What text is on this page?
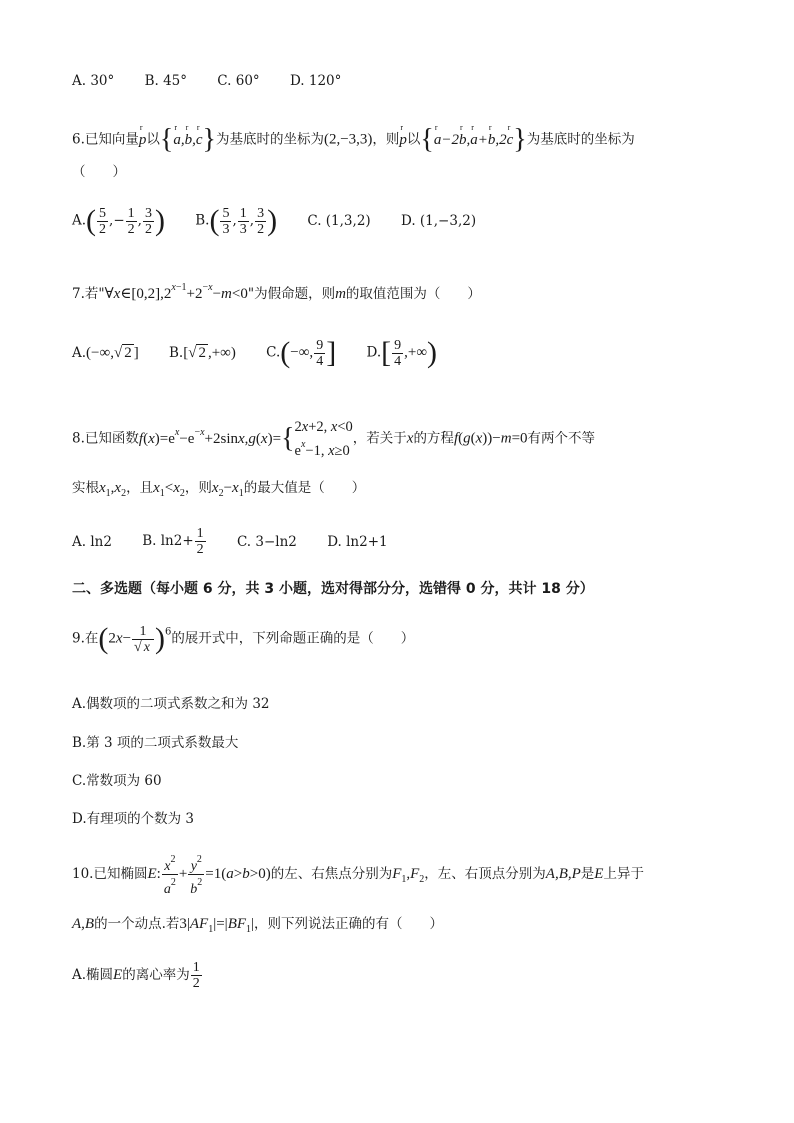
A. 30° B. 45° C. 60° D. 120°
6.已知向量r p以{r a,r b,r c}为基底时的坐标为(2,−3,3)，则r p以{r a−2r b,r a+r b,2r c}为基底时的坐标为
（　　）
$A.( \frac{5}{2}$ ,− $\frac{1}{2}$ , $\frac{3}{2}$ ) $B.( \frac{5}{3}$ , $\frac{1}{3}$ , $\frac{3}{2}$ ) C. (1,3,2) D. (1,−3,2)
7.若"$\forall x\in[0,2],2^{x-1}+2^{-x}-m<0$"为假命题，则m的取值范围为（　　）
A.(−∞,√ 2 ] B.[√ 2 ,+∞) C.(−∞, $\frac{9}{4}$ ] $D.[ \frac{9}{4}$ ,+∞)
8.已知函数$f(x)=e^x-e^{-x}+2\sin x,g(x)=${ 2x+2, x<0
$e^x-1$, x≥0
，若关于x的方程f(g(x))−m=0有两个不等
实根$x_1,x_2$，且$x_1<x_2$，则$x_2-x_1$的最大值是（　　）
A. ln2 B. $\ln 2+ \frac{1}{2} C$. 3−ln2 D. ln2+1
二、多选题（每小题 6 分，共 3 小题，选对得部分分，选错得 0 分，共计 18 分）
9.在$(2x- \frac{1}{√ x} )^6$的展开式中，下列命题正确的是（　　）
A.偶数项的二项式系数之和为 32
B.第 3 项的二项式系数最大
C.常数项为 60
D.有理项的个数为 3
10.已知椭圆E: $\frac{x^2}{a^2} + \frac{y^2}{b^2} =1(a>b>0)$的左、右焦点分别为$F_1,F_2$，左、右顶点分别为A,B,P是E上异于
A,B的一个动点.若$3|AF_1|=|BF_1|$，则下列说法正确的有（　　）
A.椭圆E的离心率为 $\frac{1}{2}$
